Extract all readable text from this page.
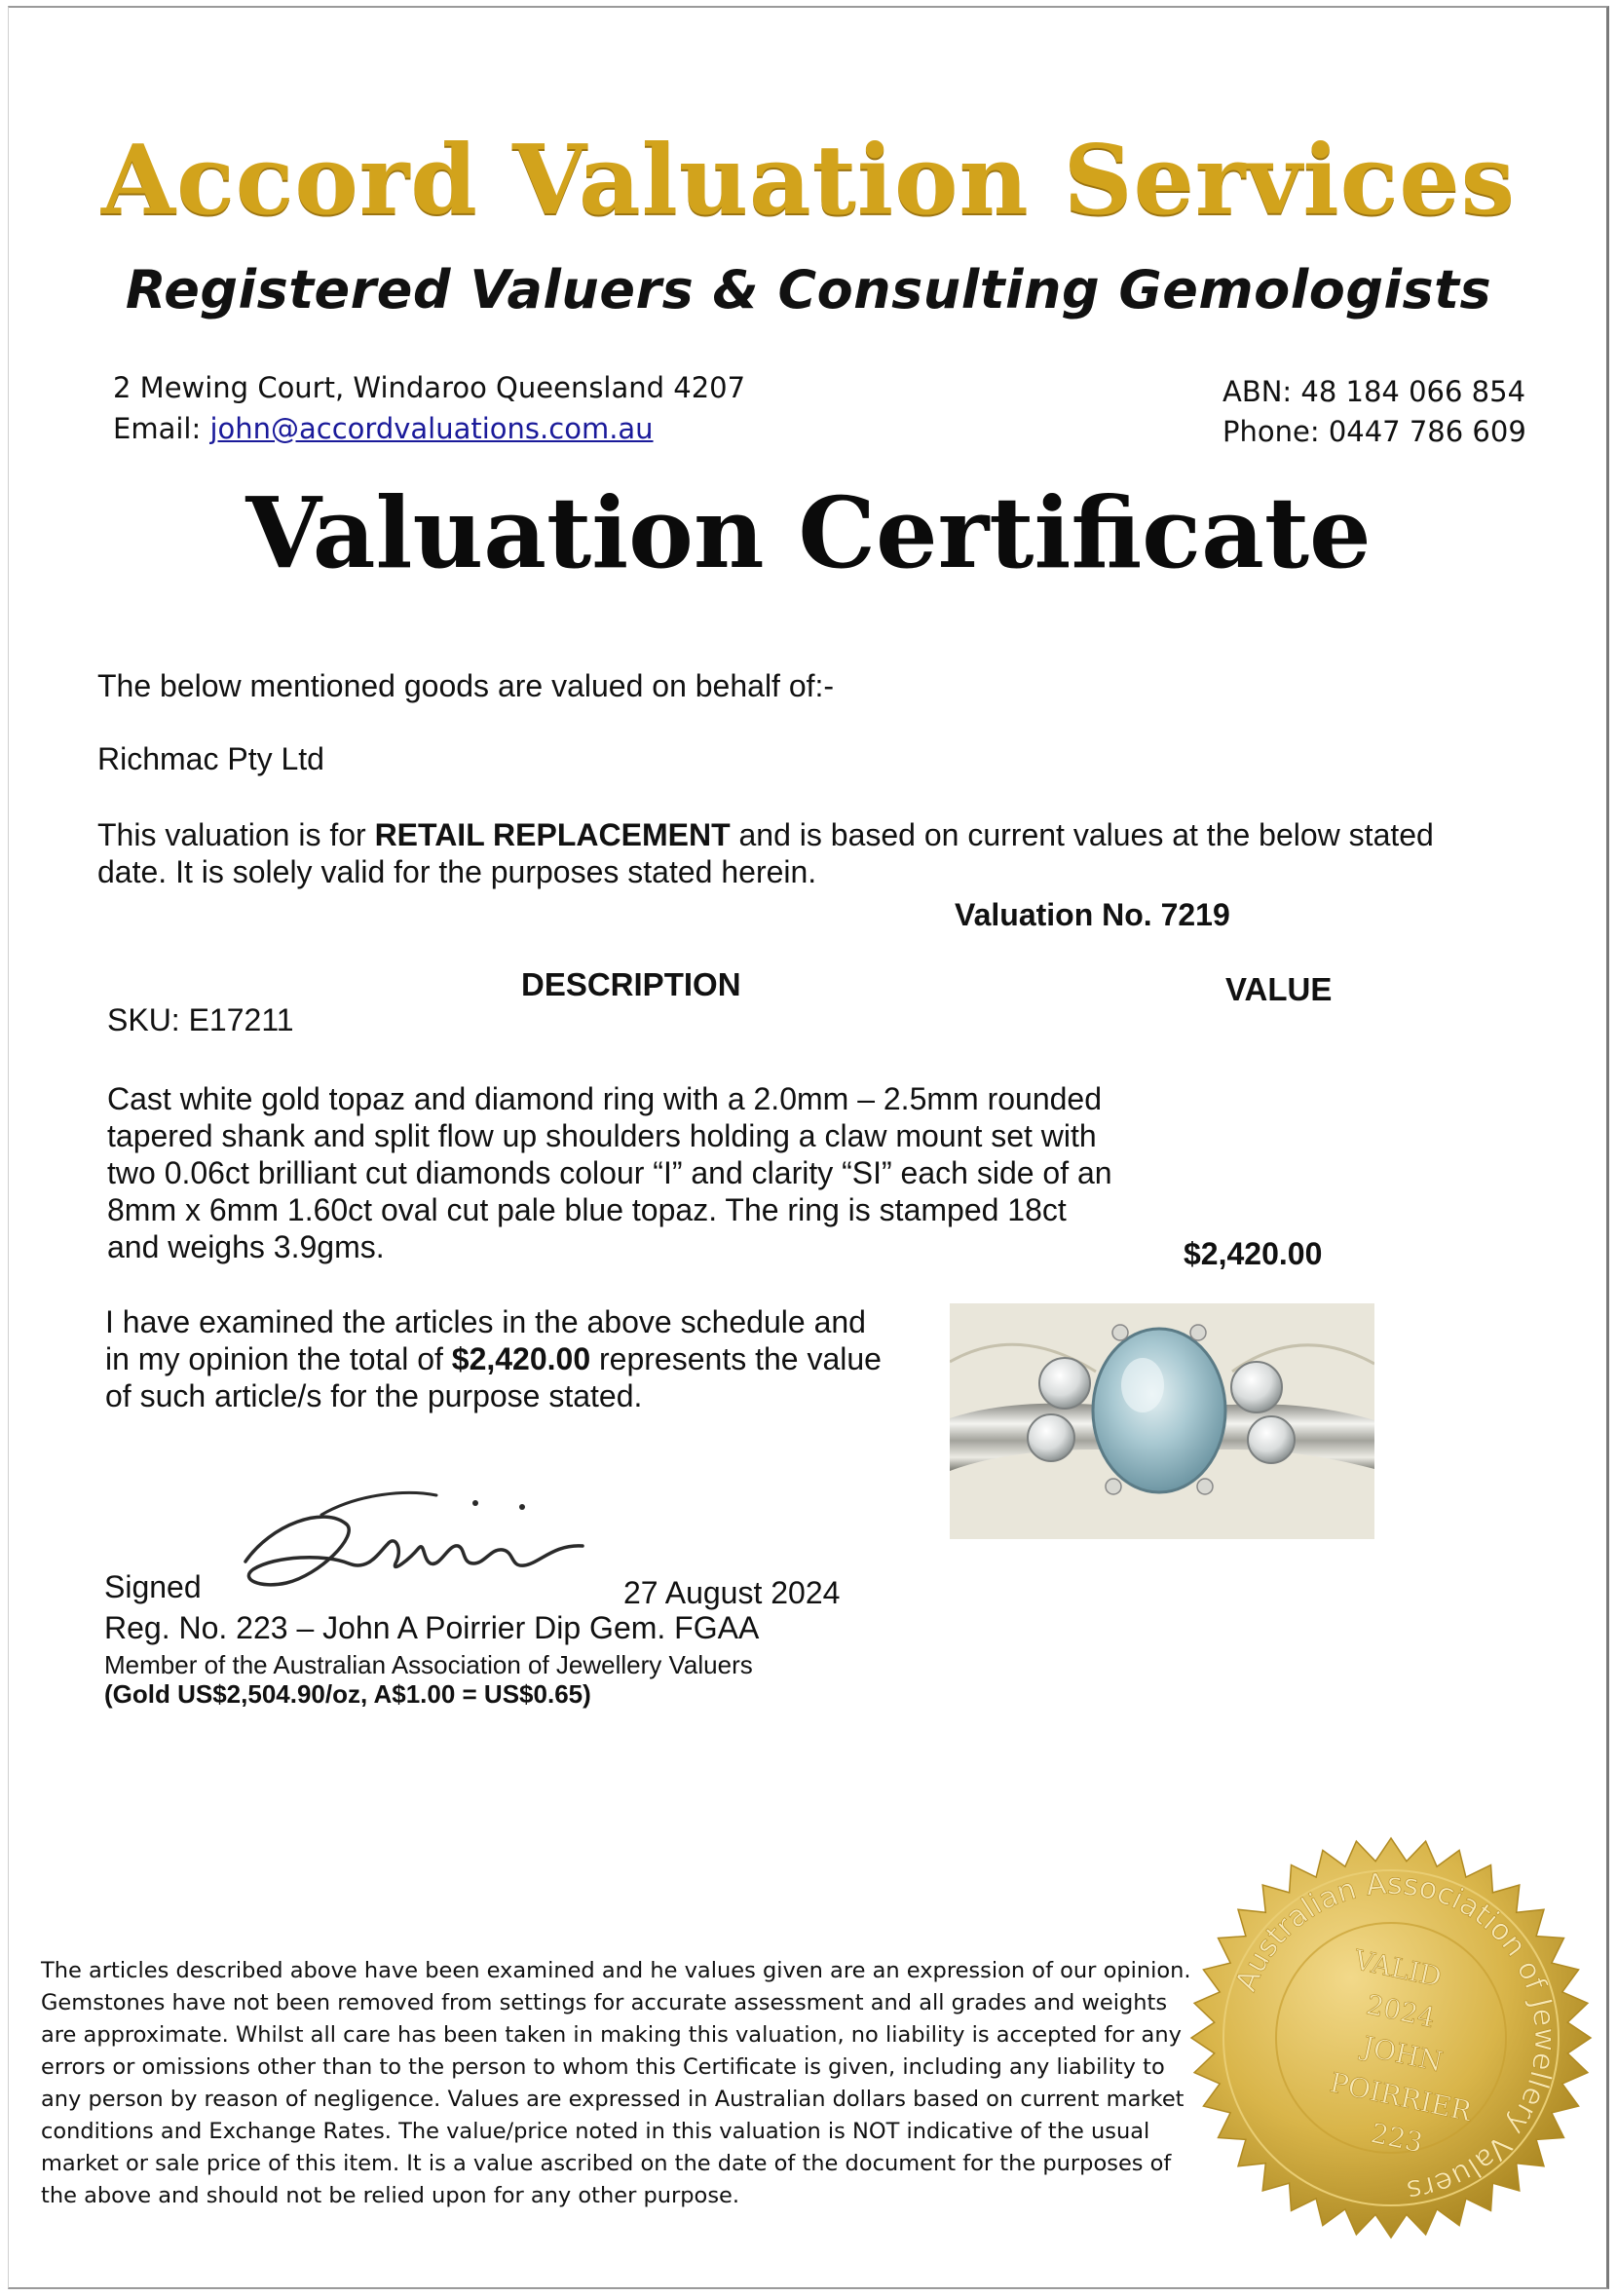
Accord Valuation Services
Registered Valuers & Consulting Gemologists
2 Mewing Court, Windaroo Queensland 4207
Email: john@accordvaluations.com.au
ABN: 48 184 066 854
Phone: 0447 786 609
Valuation Certificate
The below mentioned goods are valued on behalf of:-
Richmac Pty Ltd
This valuation is for RETAIL REPLACEMENT and is based on current values at the below stated
date. It is solely valid for the purposes stated herein.
Valuation No. 7219
DESCRIPTION	VALUE
SKU: E17211

Cast white gold topaz and diamond ring with a 2.0mm – 2.5mm rounded

tapered shank and split flow up shoulders holding a claw mount set with

two 0.06ct brilliant cut diamonds colour “I” and clarity “SI” each side of an

8mm x 6mm 1.60ct oval cut pale blue topaz. The ring is stamped 18ct

and weighs 3.9gms.	$2,420.00
I have examined the articles in the above schedule and
in my opinion the total of $2,420.00 represents the value
of such article/s for the purpose stated.
Signed	27 August 2024
Reg. No. 223 – John A Poirrier Dip Gem. FGAA
Member of the Australian Association of Jewellery Valuers
(Gold US$2,504.90/oz, A$1.00 = US$0.65)
The articles described above have been examined and he values given are an expression of our opinion.
Gemstones have not been removed from settings for accurate assessment and all grades and weights
are approximate. Whilst all care has been taken in making this valuation, no liability is accepted for any
errors or omissions other than to the person to whom this Certificate is given, including any liability to
any person by reason of negligence. Values are expressed in Australian dollars based on current market
conditions and Exchange Rates. The value/price noted in this valuation is NOT indicative of the usual
market or sale price of this item. It is a value ascribed on the date of the document for the purposes of
the above and should not be relied upon for any other purpose.
Australian Association of Jewellery Valuers
VALID
2024
JOHN
POIRRIER
223
